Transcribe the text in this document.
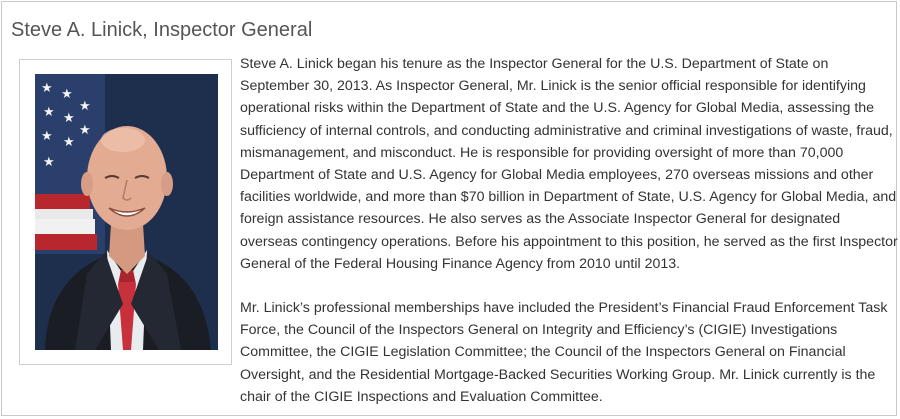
Steve A. Linick, Inspector General

Steve A. Linick began his tenure as the Inspector General for the U.S. Department of State on September 30, 2013. As Inspector General, Mr. Linick is the senior official responsible for identifying operational risks within the Department of State and the U.S. Agency for Global Media, assessing the sufficiency of internal controls, and conducting administrative and criminal investigations of waste, fraud, mismanagement, and misconduct. He is responsible for providing oversight of more than 70,000 Department of State and U.S. Agency for Global Media employees, 270 overseas missions and other facilities worldwide, and more than $70 billion in Department of State, U.S. Agency for Global Media, and foreign assistance resources. He also serves as the Associate Inspector General for designated overseas contingency operations. Before his appointment to this position, he served as the first Inspector General of the Federal Housing Finance Agency from 2010 until 2013.

Mr. Linick’s professional memberships have included the President’s Financial Fraud Enforcement Task Force, the Council of the Inspectors General on Integrity and Efficiency’s (CIGIE) Investigations Committee, the CIGIE Legislation Committee; the Council of the Inspectors General on Financial Oversight, and the Residential Mortgage-Backed Securities Working Group. Mr. Linick currently is the chair of the CIGIE Inspections and Evaluation Committee.

★ ★
★ ★
★ ★
★
★
★
